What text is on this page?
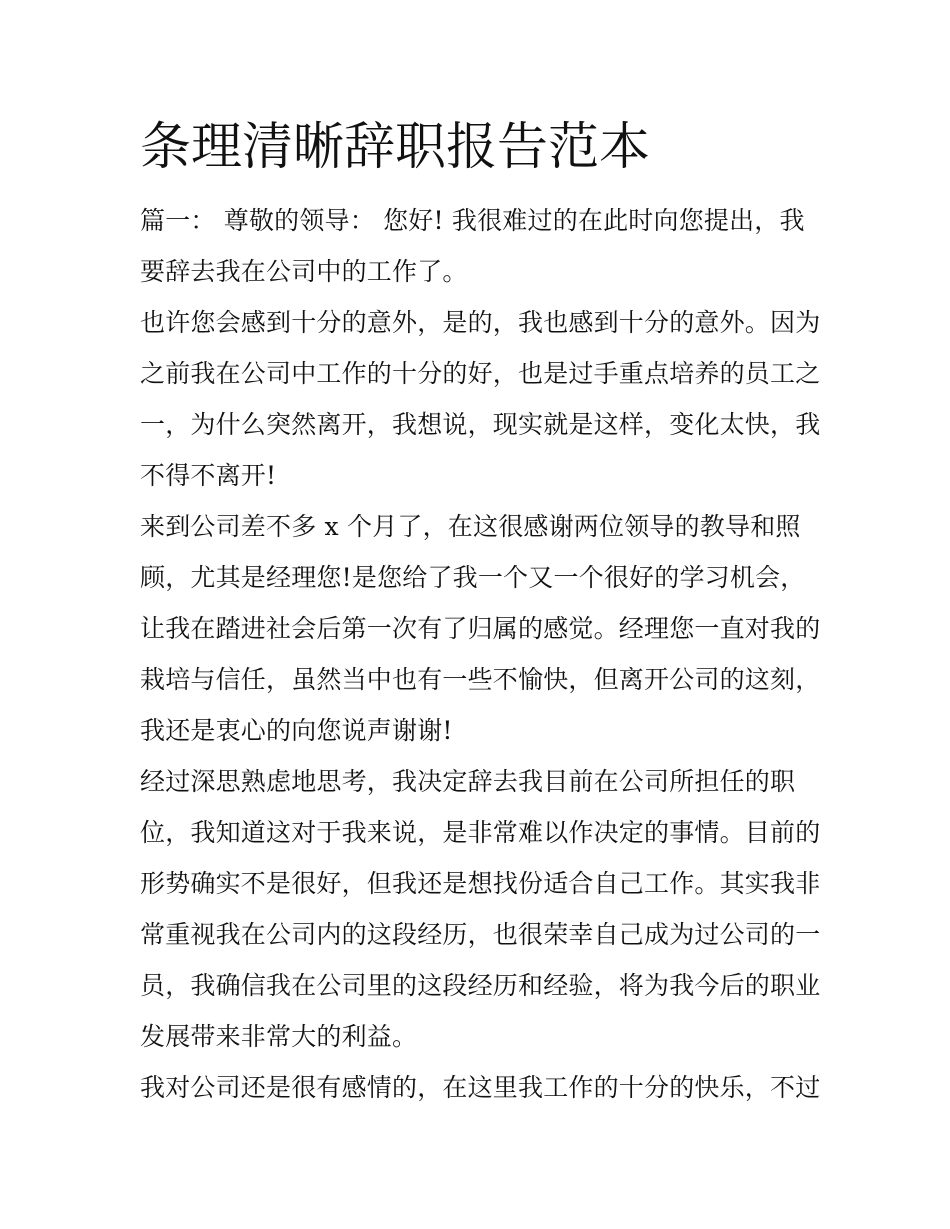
条理清晰辞职报告范本

篇一： 尊敬的领导： 您好! 我很难过的在此时向您提出，我

要辞去我在公司中的工作了。

也许您会感到十分的意外，是的，我也感到十分的意外。因为

之前我在公司中工作的十分的好，也是过手重点培养的员工之

一，为什么突然离开，我想说，现实就是这样，变化太快，我

不得不离开!

来到公司差不多 x 个月了，在这很感谢两位领导的教导和照

顾，尤其是经理您!是您给了我一个又一个很好的学习机会，

让我在踏进社会后第一次有了归属的感觉。经理您一直对我的

栽培与信任，虽然当中也有一些不愉快，但离开公司的这刻，

我还是衷心的向您说声谢谢!

经过深思熟虑地思考，我决定辞去我目前在公司所担任的职

位，我知道这对于我来说，是非常难以作决定的事情。目前的

形势确实不是很好，但我还是想找份适合自己工作。其实我非

常重视我在公司内的这段经历，也很荣幸自己成为过公司的一

员，我确信我在公司里的这段经历和经验，将为我今后的职业

发展带来非常大的利益。

我对公司还是很有感情的，在这里我工作的十分的快乐，不过
